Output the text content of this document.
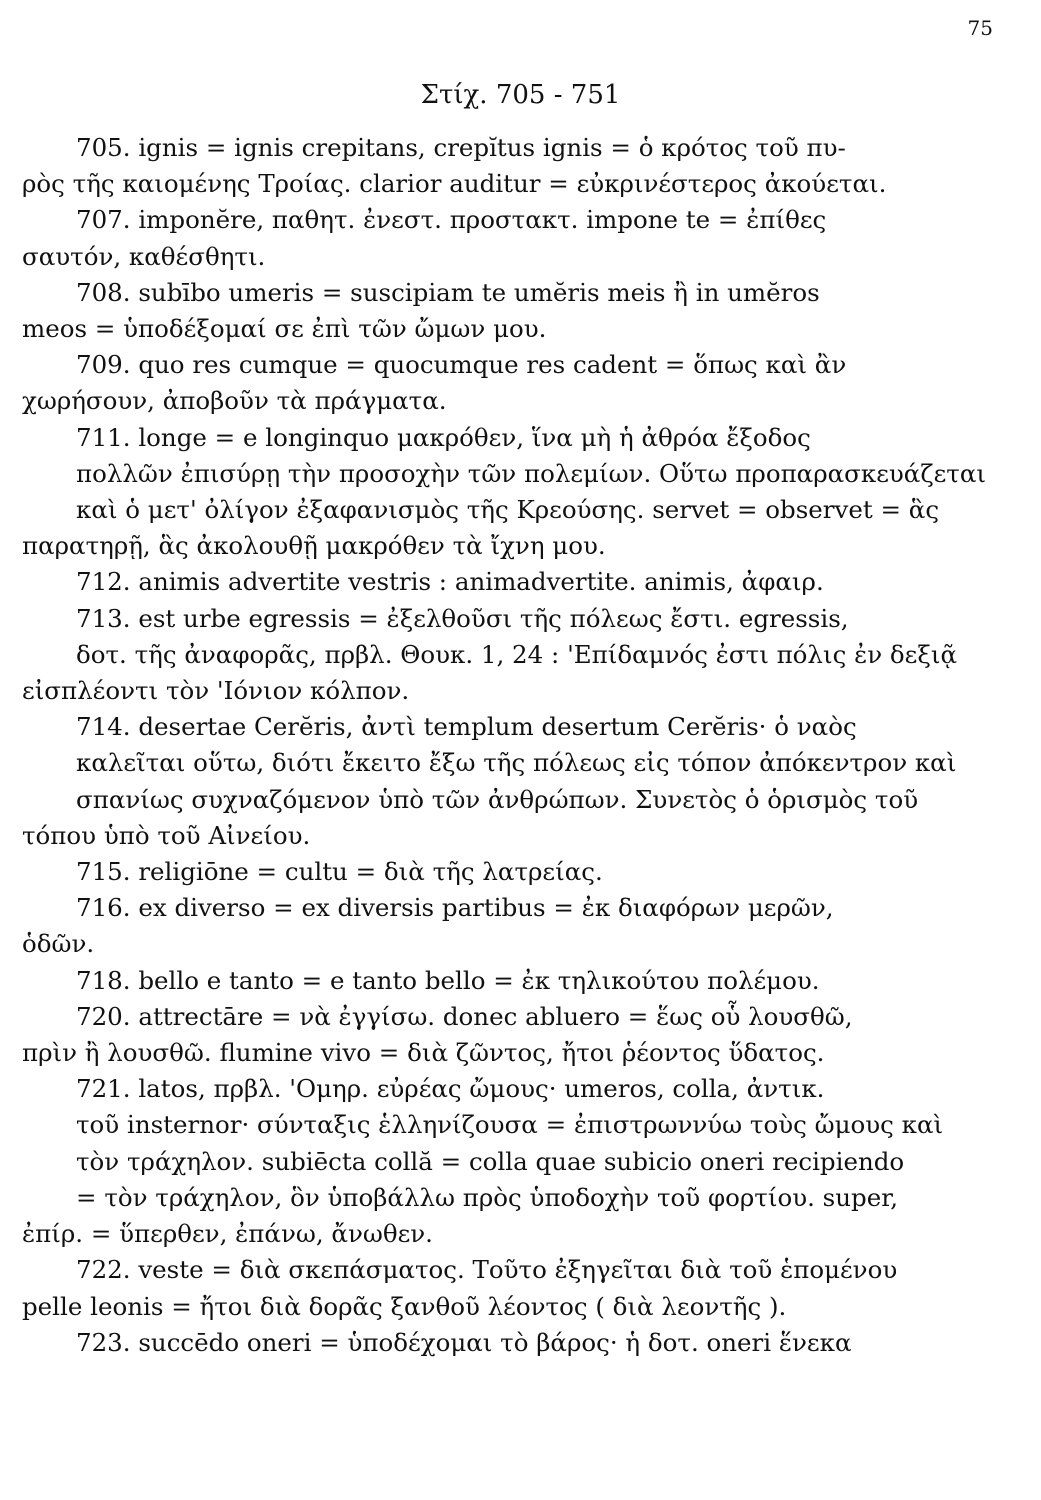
75
Στίχ. 705 - 751

705. ignis = ignis crepitans, crepĭtus ignis = ὁ κρότος τοῦ πυ-
ρὸς τῆς καιομένης Τροίας. clarior auditur = εὐκρινέστερος ἀκούεται.

707. imponĕre, παθητ. ἐνεστ. προστακτ. impone te = ἐπίθες
σαυτόν, καθέσθητι.

708. subībo umeris = suscipiam te umĕris meis ἢ in umĕros
meos = ὑποδέξομαί σε ἐπὶ τῶν ὤμων μου.

709. quo res cumque = quocumque res cadent = ὅπως καὶ ἂν
χωρήσουν, ἀποβοῦν τὰ πράγματα.

711. longe = e longinquo μακρόθεν, ἵνα μὴ ἡ ἀθρόα ἔξοδος
πολλῶν ἐπισύρῃ τὴν προσοχὴν τῶν πολεμίων. Οὕτω προπαρασκευάζεται
καὶ ὁ μετ' ὀλίγον ἐξαφανισμὸς τῆς Κρεούσης. servet = observet = ἃς
παρατηρῇ, ἃς ἀκολουθῇ μακρόθεν τὰ ἴχνη μου.

712. animis advertite vestris : animadvertite. animis, ἀφαιρ.

713. est urbe egressis = ἐξελθοῦσι τῆς πόλεως ἔστι. egressis,
δοτ. τῆς ἀναφορᾶς, πρβλ. Θουκ. 1, 24 : 'Επίδαμνός ἐστι πόλις ἐν δεξιᾷ
εἰσπλέοντι τὸν 'Ιόνιον κόλπον.

714. desertae Cerĕris, ἀντὶ templum desertum Cerĕris· ὁ ναὸς
καλεῖται οὕτω, διότι ἔκειτο ἔξω τῆς πόλεως εἰς τόπον ἀπόκεντρον καὶ
σπανίως συχναζόμενον ὑπὸ τῶν ἀνθρώπων. Συνετὸς ὁ ὁρισμὸς τοῦ
τόπου ὑπὸ τοῦ Αἰνείου.

715. religiōne = cultu = διὰ τῆς λατρείας.

716. ex diverso = ex diversis partibus = ἐκ διαφόρων μερῶν,
ὁδῶν.

718. bello e tanto = e tanto bello = ἐκ τηλικούτου πολέμου.

720. attrectāre = νὰ ἐγγίσω. donec abluero = ἕως οὗ λουσθῶ,
πρὶν ἢ λουσθῶ. flumine vivo = διὰ ζῶντος, ἤτοι ῥέοντος ὕδατος.

721. latos, πρβλ. 'Ομηρ. εὐρέας ὤμους· umeros, colla, ἀντικ.
τοῦ insternor· σύνταξις ἑλληνίζουσα = ἐπιστρωννύω τοὺς ὤμους καὶ
τὸν τράχηλον. subiēcta collă = colla quae subicio oneri recipiendo
= τὸν τράχηλον, ὃν ὑποβάλλω πρὸς ὑποδοχὴν τοῦ φορτίου. super,
ἐπίρ. = ὕπερθεν, ἐπάνω, ἄνωθεν.

722. veste = διὰ σκεπάσματος. Τοῦτο ἐξηγεῖται διὰ τοῦ ἑπομένου
pelle leonis = ἤτοι διὰ δορᾶς ξανθοῦ λέοντος ( διὰ λεοντῆς ).

723. succēdo oneri = ὑποδέχομαι τὸ βάρος· ἡ δοτ. oneri ἕνεκα
